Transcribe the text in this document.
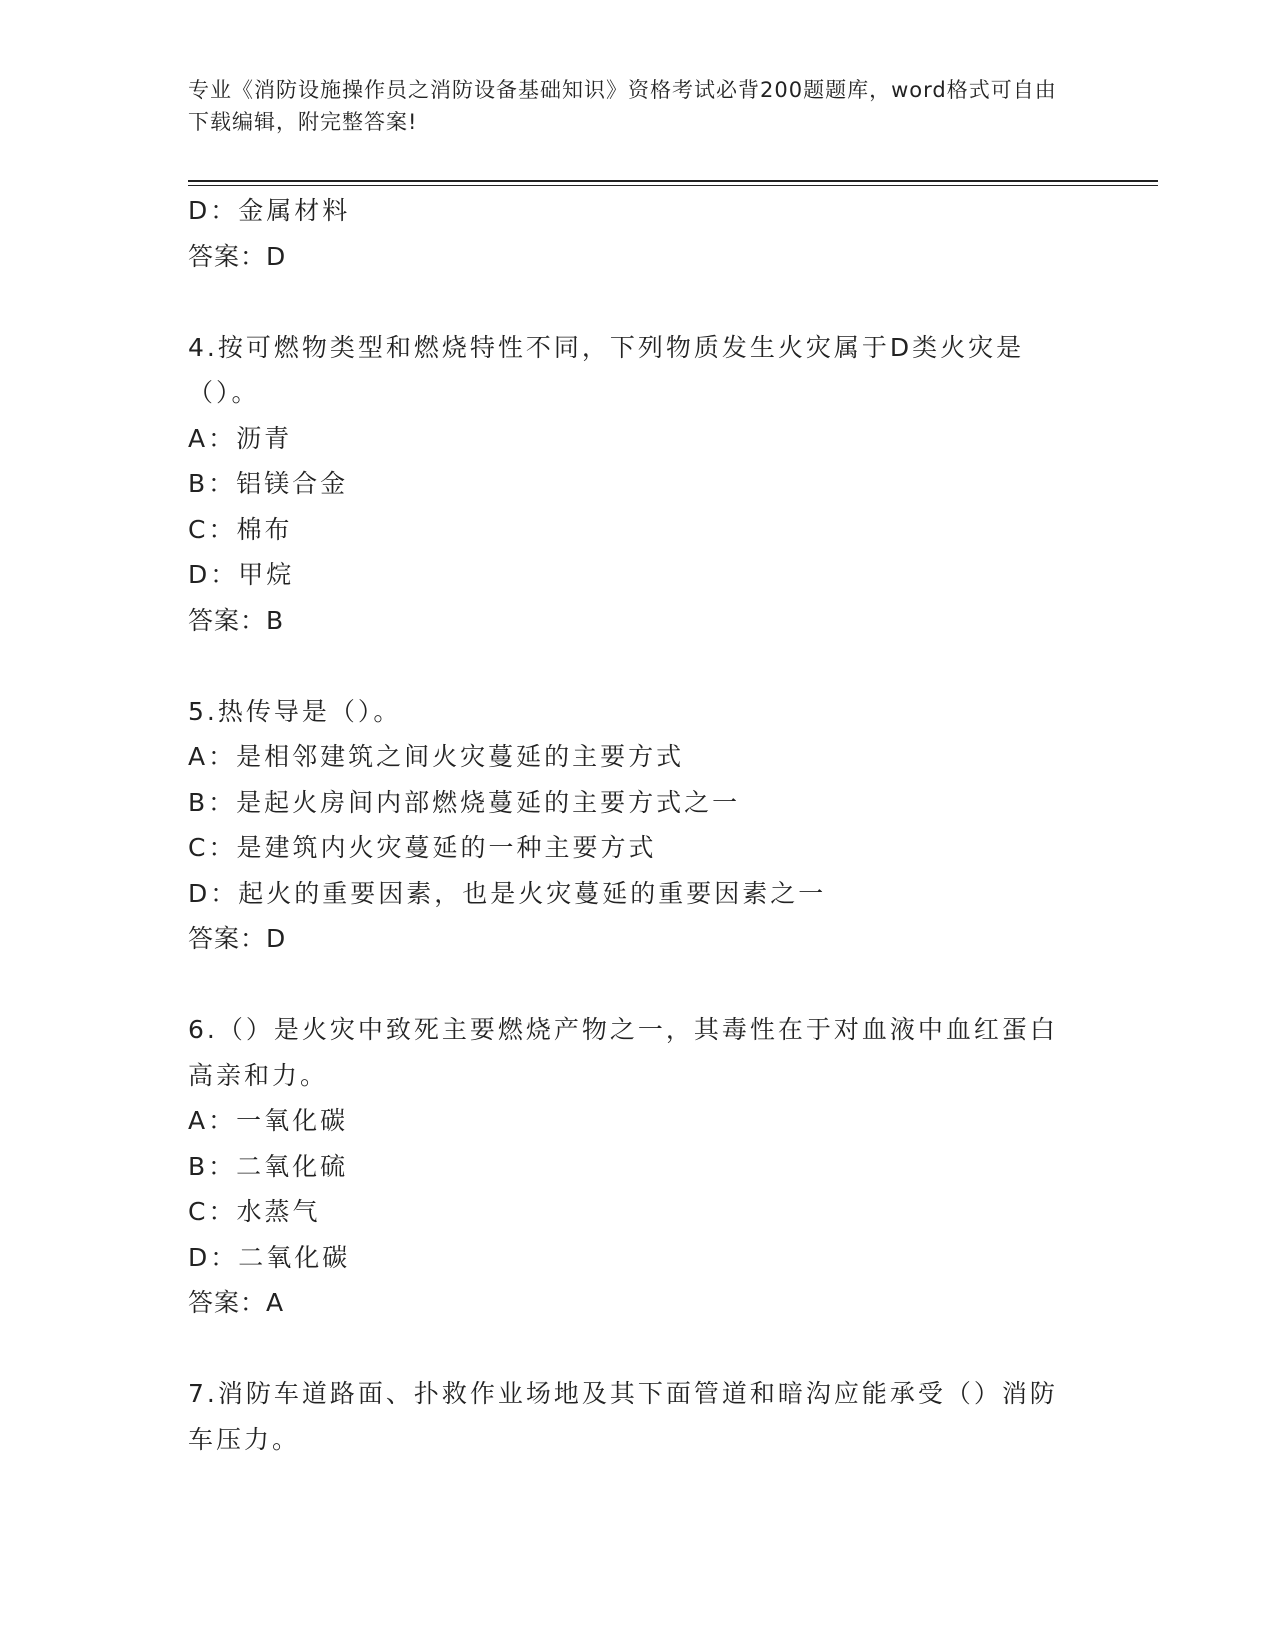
专业《消防设施操作员之消防设备基础知识》资格考试必背200题题库，word格式可自由下载编辑，附完整答案!
D：金属材料
答案：D
4.按可燃物类型和燃烧特性不同，下列物质发生火灾属于D类火灾是（）。
A：沥青
B：铝镁合金
C：棉布
D：甲烷
答案：B
5.热传导是（）。
A：是相邻建筑之间火灾蔓延的主要方式
B：是起火房间内部燃烧蔓延的主要方式之一
C：是建筑内火灾蔓延的一种主要方式
D：起火的重要因素，也是火灾蔓延的重要因素之一
答案：D
6.（）是火灾中致死主要燃烧产物之一，其毒性在于对血液中血红蛋白高亲和力。
A：一氧化碳
B：二氧化硫
C：水蒸气
D：二氧化碳
答案：A
7.消防车道路面、扑救作业场地及其下面管道和暗沟应能承受（）消防车压力。
